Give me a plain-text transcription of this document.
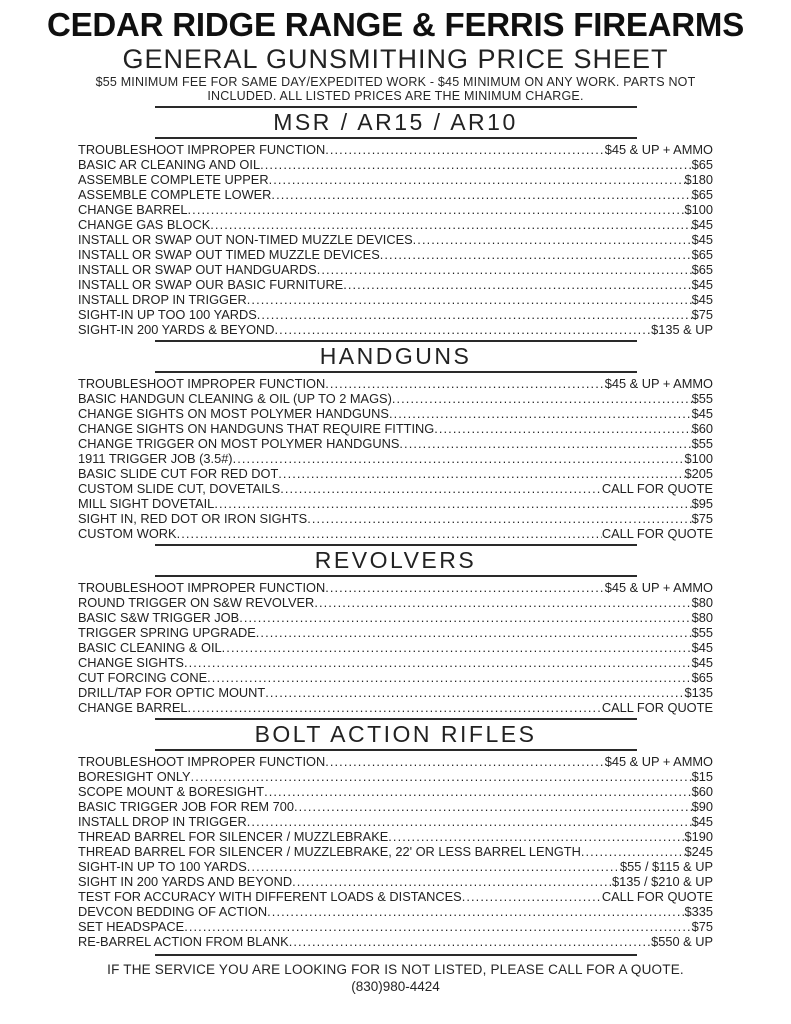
CEDAR RIDGE RANGE & FERRIS FIREARMS
GENERAL GUNSMITHING PRICE SHEET
$55 MINIMUM FEE FOR SAME DAY/EXPEDITED WORK - $45 MINIMUM ON ANY WORK. PARTS NOT
INCLUDED. ALL LISTED PRICES ARE THE MINIMUM CHARGE.
MSR / AR15 / AR10
TROUBLESHOOT IMPROPER FUNCTION .....	$45 & UP + AMMO
BASIC AR CLEANING AND OIL .....	$65
ASSEMBLE COMPLETE UPPER .....	$180
ASSEMBLE COMPLETE LOWER .....	$65
CHANGE BARREL .....	$100
CHANGE GAS BLOCK .....	$45
INSTALL OR SWAP OUT NON-TIMED MUZZLE DEVICES .....	$45
INSTALL OR SWAP OUT TIMED MUZZLE DEVICES .....	$65
INSTALL OR SWAP OUT HANDGUARDS .....	$65
INSTALL OR SWAP OUR BASIC FURNITURE .....	$45
INSTALL DROP IN TRIGGER .....	$45
SIGHT-IN UP TOO 100 YARDS .....	$75
SIGHT-IN 200 YARDS & BEYOND .....	$135 & UP
HANDGUNS
TROUBLESHOOT IMPROPER FUNCTION .....	$45 & UP + AMMO
BASIC HANDGUN CLEANING & OIL (UP TO 2 MAGS) .....	$55
CHANGE SIGHTS ON MOST POLYMER HANDGUNS .....	$45
CHANGE SIGHTS ON HANDGUNS THAT REQUIRE FITTING .....	$60
CHANGE TRIGGER ON MOST POLYMER HANDGUNS .....	$55
1911 TRIGGER JOB (3.5#) .....	$100
BASIC SLIDE CUT FOR RED DOT .....	$205
CUSTOM SLIDE CUT, DOVETAILS .....	CALL FOR QUOTE
MILL SIGHT DOVETAIL .....	$95
SIGHT IN, RED DOT OR IRON SIGHTS .....	$75
CUSTOM WORK .....	CALL FOR QUOTE
REVOLVERS
TROUBLESHOOT IMPROPER FUNCTION .....	$45 & UP + AMMO
ROUND TRIGGER ON S&W REVOLVER .....	$80
BASIC S&W TRIGGER JOB .....	$80
TRIGGER SPRING UPGRADE .....	$55
BASIC CLEANING & OIL .....	$45
CHANGE SIGHTS .....	$45
CUT FORCING CONE .....	$65
DRILL/TAP FOR OPTIC MOUNT .....	$135
CHANGE BARREL .....	CALL FOR QUOTE
BOLT ACTION RIFLES
TROUBLESHOOT IMPROPER FUNCTION .....	$45 & UP + AMMO
BORESIGHT ONLY .....	$15
SCOPE MOUNT & BORESIGHT .....	$60
BASIC TRIGGER JOB FOR REM 700 .....	$90
INSTALL DROP IN TRIGGER .....	$45
THREAD BARREL FOR SILENCER / MUZZLEBRAKE .....	$190
THREAD BARREL FOR SILENCER / MUZZLEBRAKE, 22' OR LESS BARREL LENGTH .....	$245
SIGHT-IN UP TO 100 YARDS .....	$55 / $115 & UP
SIGHT IN 200 YARDS AND BEYOND .....	$135 / $210 & UP
TEST FOR ACCURACY WITH DIFFERENT LOADS & DISTANCES .....	CALL FOR QUOTE
DEVCON BEDDING OF ACTION .....	$335
SET HEADSPACE .....	$75
RE-BARREL ACTION FROM BLANK .....	$550 & UP
IF THE SERVICE YOU ARE LOOKING FOR IS NOT LISTED, PLEASE CALL FOR A QUOTE.
(830)980-4424
